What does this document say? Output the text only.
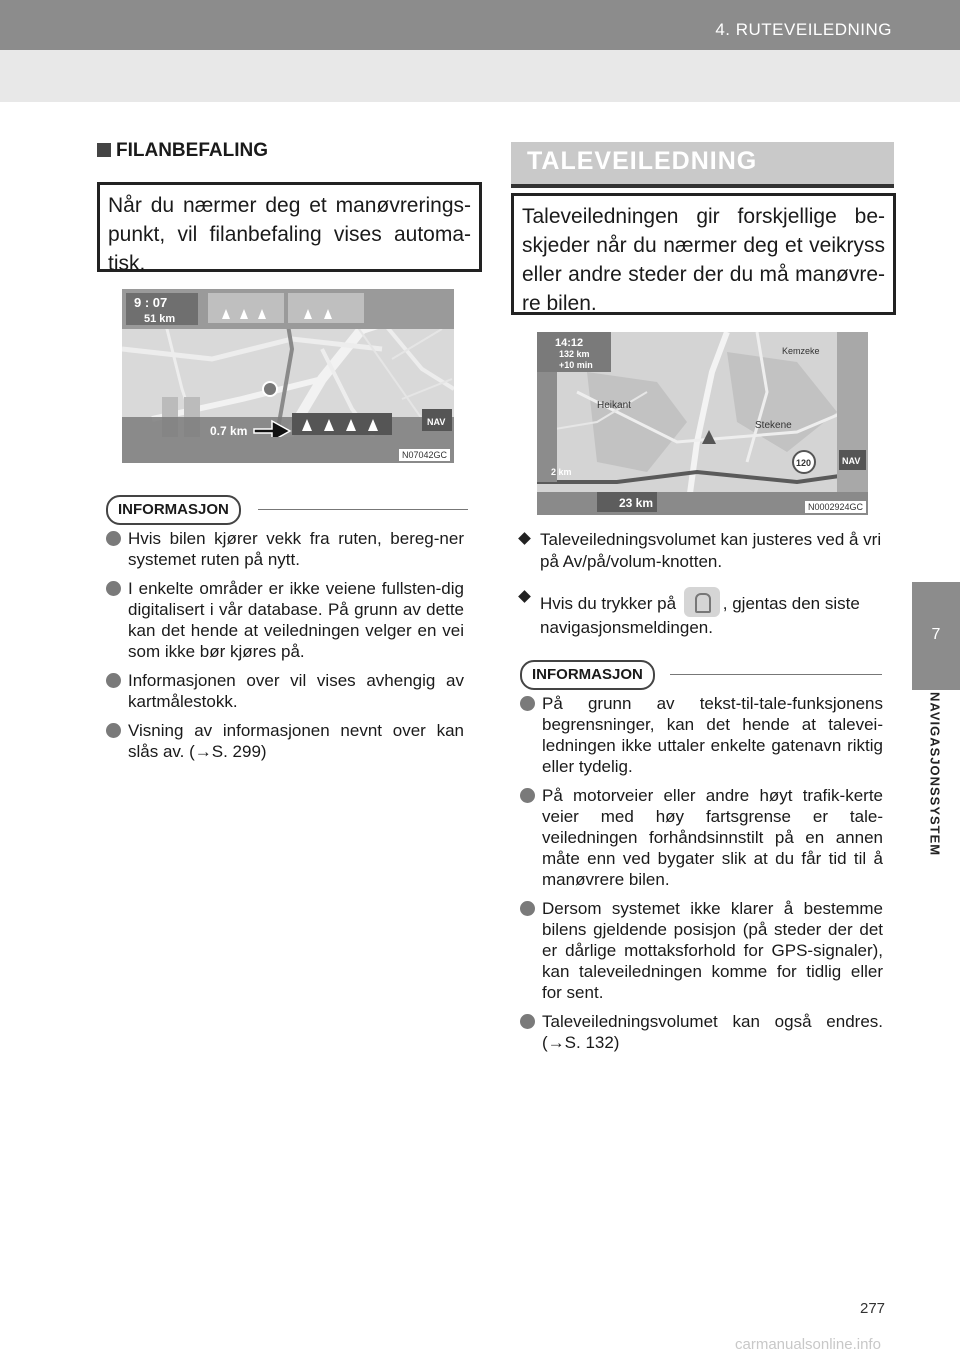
4. RUTEVEILEDNING
7
NAVIGASJONSSYSTEM
FILANBEFALING
Når du nærmer deg et manøvrerings-punkt, vil filanbefaling vises automa-tisk.
9 : 07
51 km
0.7 km
NAV
N07042GC
INFORMASJON
Hvis bilen kjører vekk fra ruten, bereg-ner systemet ruten på nytt.
I enkelte områder er ikke veiene fullsten-dig digitalisert i vår database. På grunn av dette kan det hende at veiledningen velger en vei som ikke bør kjøres på.
Informasjonen over vil vises avhengig av kartmålestokk.
Visning av informasjonen nevnt over kan slås av. (→S. 299)
TALEVEILEDNING
Taleveiledningen gir forskjellige be-skjeder når du nærmer deg et veikryss eller andre steder der du må manøvre-re bilen.
14:12
132 km
+10 min
Heikant
Stekene
Kemzeke
23 km
2 km
120	NAV
N0002924GC
Taleveiledningsvolumet kan justeres ved å vri på Av/på/volum-knotten.
Hvis du trykker på	, gjentas den siste navigasjonsmeldingen.
INFORMASJON
På grunn av tekst-til-tale-funksjonens begrensninger, kan det hende at talevei-ledningen ikke uttaler enkelte gatenavn riktig eller tydelig.
På motorveier eller andre høyt trafik-kerte veier med høy fartsgrense er tale-veiledningen forhåndsinnstilt på en annen måte enn ved bygater slik at du får tid til å manøvrere bilen.
Dersom systemet ikke klarer å bestemme bilens gjeldende posisjon (på steder der det er dårlige mottaksforhold for GPS-signaler), kan taleveiledningen komme for tidlig eller for sent.
Taleveiledningsvolumet kan også endres. (→S. 132)
277
carmanualsonline.info
